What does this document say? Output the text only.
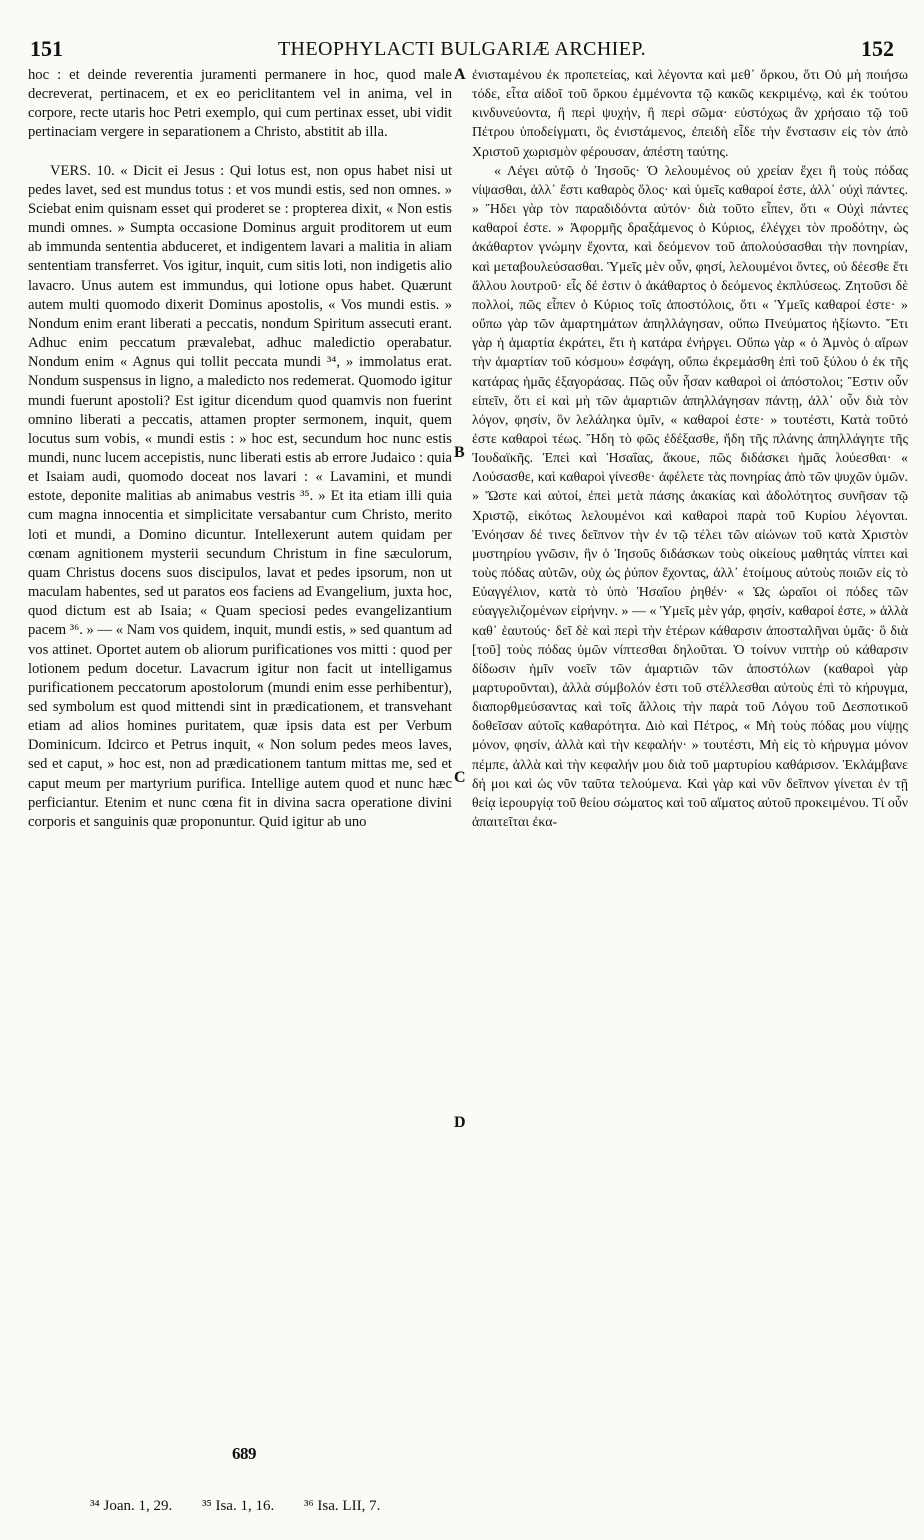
151	THEOPHYLACTI BULGARIÆ ARCHIEP.	152

hoc : et deinde reverentia juramenti permanere in hoc, quod male decreverat, pertinacem, et ex eo periclitantem vel in anima, vel in corpore, recte utaris hoc Petri exemplo, qui cum pertinax esset, ubi vidit pertinaciam vergere in separationem a Christo, abstitit ab illa.

VERS. 10. « Dicit ei Jesus : Qui lotus est, non opus habet nisi ut pedes lavet, sed est mundus totus : et vos mundi estis, sed non omnes. » Sciebat enim quisnam esset qui proderet se : propterea dixit, « Non estis mundi omnes. » Sumpta occasione Dominus arguit proditorem ut eum ab immunda sententia abduceret, et indigentem lavari a malitia in aliam sententiam transferret. Vos igitur, inquit, cum sitis loti, non indigetis alio lavacro. Unus autem est immundus, qui lotione opus habet. Quærunt autem multi quomodo dixerit Dominus apostolis, « Vos mundi estis. » Nondum enim erant liberati a peccatis, nondum Spiritum assecuti erant. Adhuc enim peccatum prævalebat, adhuc maledictio operabatur. Nondum enim « Agnus qui tollit peccata mundi ³⁴, » immolatus erat. Nondum suspensus in ligno, a maledicto nos redemerat. Quomodo igitur mundi fuerunt apostoli? Est igitur dicendum quod quamvis non fuerint omnino liberati a peccatis, attamen propter sermonem, inquit, quem locutus sum vobis, « mundi estis : » hoc est, secundum hoc nunc estis mundi, nunc lucem accepistis, nunc liberati estis ab errore Judaico : quia et Isaiam audi, quomodo doceat nos lavari : « Lavamini, et mundi estote, deponite malitias ab animabus vestris ³⁵. » Et ita etiam illi quia cum magna innocentia et simplicitate versabantur cum Christo, merito loti et mundi, a Domino dicuntur. Intellexerunt autem quidam per cœnam agnitionem mysterii secundum Christum in fine sæculorum, quam Christus docens suos discipulos, lavat et pedes ipsorum, non ut maculam habentes, sed ut paratos eos faciens ad Evangelium, juxta hoc, quod dictum est ab Isaia; « Quam speciosi pedes evangelizantium pacem ³⁶. » — « Nam vos quidem, inquit, mundi estis, » sed quantum ad vos attinet. Oportet autem ob aliorum purificationes vos mitti : quod per lotionem pedum docetur. Lavacrum igitur non facit ut intelligamus purificationem peccatorum apostolorum (mundi enim esse perhibentur), sed symbolum est quod mittendi sint in prædicationem, et transvehant etiam ad alios homines puritatem, quæ ipsis data est per Verbum Dominicum. Idcirco et Petrus inquit, « Non solum pedes meos laves, sed et caput, » hoc est, non ad prædicationem tantum mittas me, sed et caput meum per martyrium purifica. Intellige autem quod et nunc hæc perficiantur. Etenim et nunc cœna fit in divina sacra operatione divini corporis et sanguinis quæ proponuntur. Quid igitur ab uno

A
B
C
D

ἐνισταμένου ἐκ προπετείας, καὶ λέγοντα καὶ μεθ᾽ ὅρκου, ὅτι Οὐ μὴ ποιήσω τόδε, εἶτα αἰδοῖ τοῦ ὅρκου ἐμμένοντα τῷ κακῶς κεκριμένῳ, καὶ ἐκ τούτου κινδυνεύοντα, ἢ περὶ ψυχήν, ἢ περὶ σῶμα· εὐστόχως ἂν χρήσαιο τῷ τοῦ Πέτρου ὑποδείγματι, ὃς ἐνιστάμενος, ἐπειδὴ εἶδε τὴν ἔνστασιν εἰς τὸν ἀπὸ Χριστοῦ χωρισμὸν φέρουσαν, ἀπέστη ταύτης.

« Λέγει αὐτῷ ὁ Ἰησοῦς· Ὁ λελουμένος οὐ χρείαν ἔχει ἢ τοὺς πόδας νίψασθαι, ἀλλ᾽ ἔστι καθαρὸς ὅλος· καὶ ὑμεῖς καθαροί ἐστε, ἀλλ᾽ οὐχὶ πάντες. » Ἤδει γὰρ τὸν παραδιδόντα αὐτόν· διὰ τοῦτο εἶπεν, ὅτι « Οὐχὶ πάντες καθαροί ἐστε. » Ἀφορμῆς δραξάμενος ὁ Κύριος, ἐλέγχει τὸν προδότην, ὡς ἀκάθαρτον γνώμην ἔχοντα, καὶ δεόμενον τοῦ ἀπολούσασθαι τὴν πονηρίαν, καὶ μεταβουλεύσασθαι. Ὑμεῖς μὲν οὖν, φησί, λελουμένοι ὄντες, οὐ δέεσθε ἔτι ἄλλου λουτροῦ· εἷς δέ ἐστιν ὁ ἀκάθαρτος ὁ δεόμενος ἐκπλύσεως. Ζητοῦσι δὲ πολλοί, πῶς εἶπεν ὁ Κύριος τοῖς ἀποστόλοις, ὅτι « Ὑμεῖς καθαροί ἐστε· » οὔπω γὰρ τῶν ἁμαρτημάτων ἀπηλλάγησαν, οὔπω Πνεύματος ἠξίωντο. Ἔτι γὰρ ἡ ἁμαρτία ἐκράτει, ἔτι ἡ κατάρα ἐνήργει. Οὔπω γὰρ « ὁ Ἀμνὸς ὁ αἴρων τὴν ἁμαρτίαν τοῦ κόσμου» ἐσφάγη, οὔπω ἐκρεμάσθη ἐπὶ τοῦ ξύλου ὁ ἐκ τῆς κατάρας ἡμᾶς ἐξαγοράσας. Πῶς οὖν ἦσαν καθαροὶ οἱ ἀπόστολοι; Ἔστιν οὖν εἰπεῖν, ὅτι εἰ καὶ μὴ τῶν ἁμαρτιῶν ἀπηλλάγησαν πάντῃ, ἀλλ᾽ οὖν διὰ τὸν λόγον, φησίν, ὃν λελάληκα ὑμῖν, « καθαροί ἐστε· » τουτέστι, Κατὰ τοῦτό ἐστε καθαροὶ τέως. Ἤδη τὸ φῶς ἐδέξασθε, ἤδη τῆς πλάνης ἀπηλλάγητε τῆς Ἰουδαϊκῆς. Ἐπεὶ καὶ Ἡσαΐας, ἄκουε, πῶς διδάσκει ἡμᾶς λούεσθαι· « Λούσασθε, καὶ καθαροὶ γίνεσθε· ἀφέλετε τὰς πονηρίας ἀπὸ τῶν ψυχῶν ὑμῶν. » Ὥστε καὶ αὐτοί, ἐπεὶ μετὰ πάσης ἀκακίας καὶ ἀδολότητος συνῆσαν τῷ Χριστῷ, εἰκότως λελουμένοι καὶ καθαροὶ παρὰ τοῦ Κυρίου λέγονται. Ἐνόησαν δέ τινες δεῖπνον τὴν ἐν τῷ τέλει τῶν αἰώνων τοῦ κατὰ Χριστὸν μυστηρίου γνῶσιν, ἣν ὁ Ἰησοῦς διδάσκων τοὺς οἰκείους μαθητάς νίπτει καὶ τοὺς πόδας αὐτῶν, οὐχ ὡς ῥύπον ἔχοντας, ἀλλ᾽ ἑτοίμους αὐτοὺς ποιῶν εἰς τὸ Εὐαγγέλιον, κατὰ τὸ ὑπὸ Ἡσαΐου ῥηθέν· « Ὡς ὡραῖοι οἱ πόδες τῶν εὐαγγελιζομένων εἰρήνην. » — « Ὑμεῖς μὲν γάρ, φησίν, καθαροί ἐστε, » ἀλλὰ καθ᾽ ἑαυτούς· δεῖ δὲ καὶ περὶ τὴν ἑτέρων κάθαρσιν ἀποσταλῆναι ὑμᾶς· ὃ διὰ [τοῦ] τοὺς πόδας ὑμῶν νίπτεσθαι δηλοῦται. Ὁ τοίνυν νιπτὴρ οὐ κάθαρσιν δίδωσιν ἡμῖν νοεῖν τῶν ἁμαρτιῶν τῶν ἀποστόλων (καθαροὶ γὰρ μαρτυροῦνται), ἀλλὰ σύμβολόν ἐστι τοῦ στέλλεσθαι αὐτοὺς ἐπὶ τὸ κήρυγμα, διαπορθμεύσαντας καὶ τοῖς ἄλλοις τὴν παρὰ τοῦ Λόγου τοῦ Δεσποτικοῦ δοθεῖσαν αὐτοῖς καθαρότητα. Διὸ καὶ Πέτρος, « Μὴ τοὺς πόδας μου νίψῃς μόνον, φησίν, ἀλλὰ καὶ τὴν κεφαλήν· » τουτέστι, Μὴ εἰς τὸ κήρυγμα μόνον πέμπε, ἀλλὰ καὶ τὴν κεφαλήν μου διὰ τοῦ μαρτυρίου καθάρισον. Ἐκλάμβανε δή μοι καὶ ὡς νῦν ταῦτα τελούμενα. Καὶ γὰρ καὶ νῦν δεῖπνον γίνεται ἐν τῇ θείᾳ ἱερουργίᾳ τοῦ θείου σώματος καὶ τοῦ αἵματος αὐτοῦ προκειμένου. Τί οὖν ἀπαιτεῖται ἐκα-

689
³⁴ Joan. 1, 29. ³⁵ Isa. 1, 16. ³⁶ Isa. LII, 7.
